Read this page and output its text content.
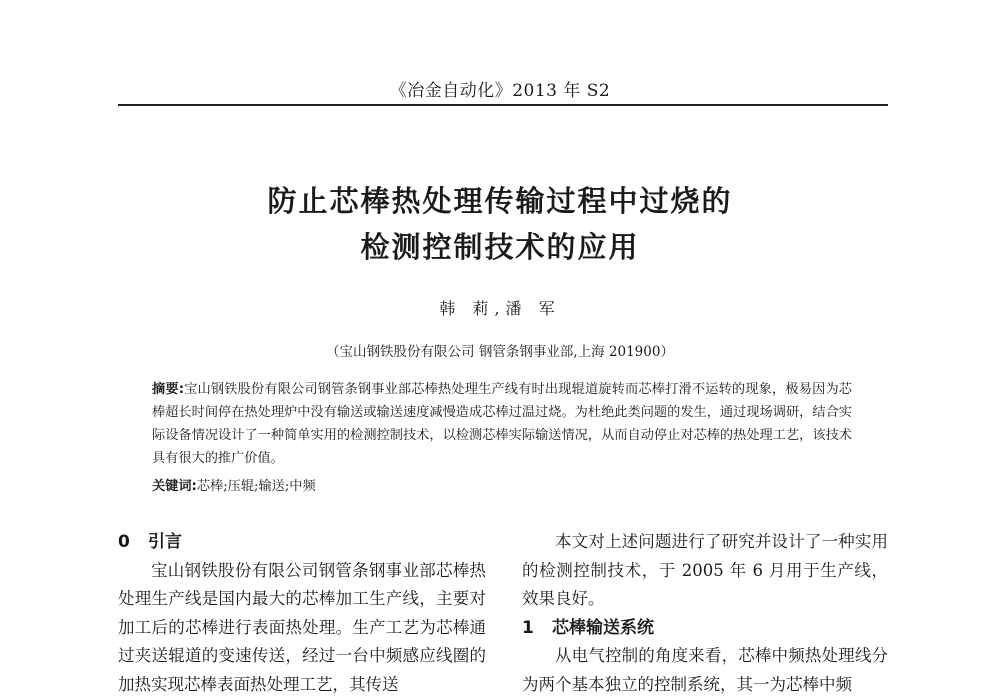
《冶金自动化》2013 年 S2
防止芯棒热处理传输过程中过烧的
检测控制技术的应用
韩 莉,潘 军
（宝山钢铁股份有限公司 钢管条钢事业部,上海 201900）
摘要:宝山钢铁股份有限公司钢管条钢事业部芯棒热处理生产线有时出现辊道旋转而芯棒打滑不运转的现象，极易因为芯棒超长时间停在热处理炉中没有输送或输送速度减慢造成芯棒过温过烧。为杜绝此类问题的发生，通过现场调研，结合实际设备情况设计了一种简单实用的检测控制技术，以检测芯棒实际输送情况，从而自动停止对芯棒的热处理工艺，该技术具有很大的推广价值。
关键词:芯棒;压辊;输送;中频
0 引言

宝山钢铁股份有限公司钢管条钢事业部芯棒热处理生产线是国内最大的芯棒加工生产线，主要对加工后的芯棒进行表面热处理。生产工艺为芯棒通过夹送辊道的变速传送，经过一台中频感应线圈的加热实现芯棒表面热处理工艺，其传送

本文对上述问题进行了研究并设计了一种实用的检测控制技术，于 2005 年 6 月用于生产线，效果良好。

1 芯棒输送系统

从电气控制的角度来看，芯棒中频热处理线分为两个基本独立的控制系统，其一为芯棒中频
